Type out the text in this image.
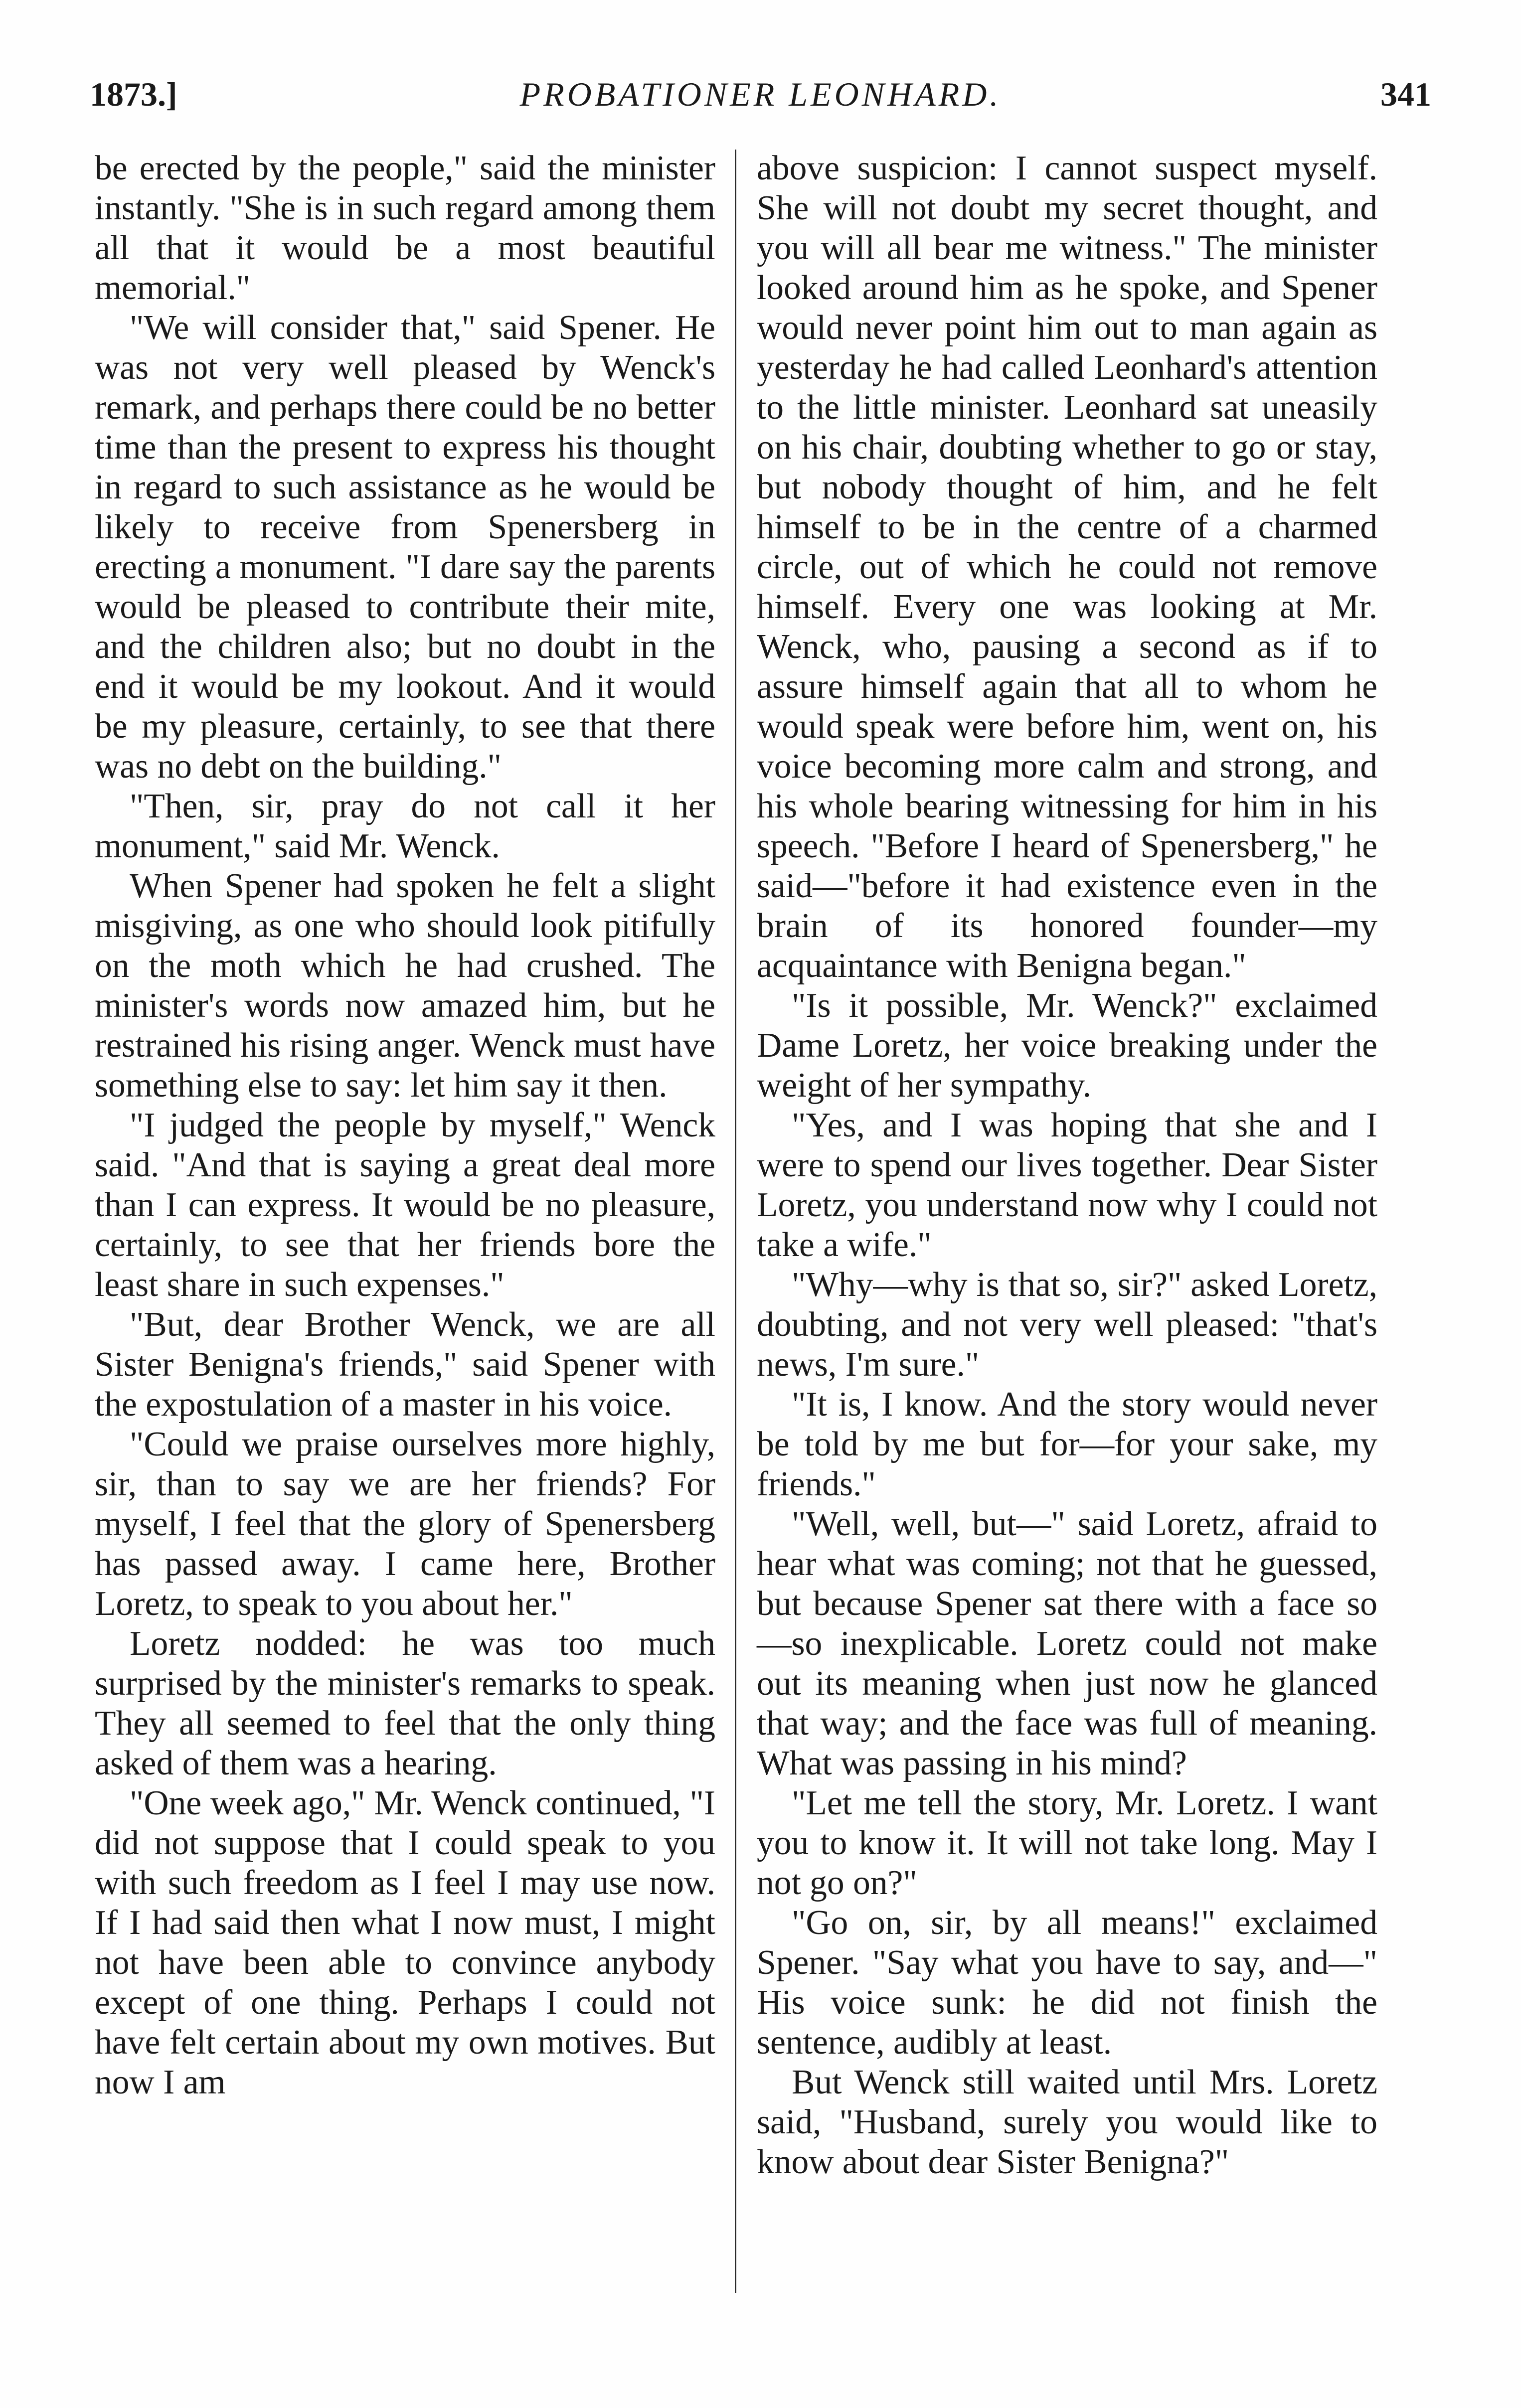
1873.]	PROBATIONER LEONHARD.	341

be erected by the people," said the minister instantly. "She is in such regard among them all that it would be a most beautiful memorial."

"We will consider that," said Spener. He was not very well pleased by Wenck's remark, and perhaps there could be no better time than the present to express his thought in regard to such assistance as he would be likely to receive from Spenersberg in erecting a monument. "I dare say the parents would be pleased to contribute their mite, and the children also; but no doubt in the end it would be my lookout. And it would be my pleasure, certainly, to see that there was no debt on the building."

"Then, sir, pray do not call it her monument," said Mr. Wenck.

When Spener had spoken he felt a slight misgiving, as one who should look pitifully on the moth which he had crushed. The minister's words now amazed him, but he restrained his rising anger. Wenck must have something else to say: let him say it then.

"I judged the people by myself," Wenck said. "And that is saying a great deal more than I can express. It would be no pleasure, certainly, to see that her friends bore the least share in such expenses."

"But, dear Brother Wenck, we are all Sister Benigna's friends," said Spener with the expostulation of a master in his voice.

"Could we praise ourselves more highly, sir, than to say we are her friends? For myself, I feel that the glory of Spenersberg has passed away. I came here, Brother Loretz, to speak to you about her."

Loretz nodded: he was too much surprised by the minister's remarks to speak. They all seemed to feel that the only thing asked of them was a hearing.

"One week ago," Mr. Wenck continued, "I did not suppose that I could speak to you with such freedom as I feel I may use now. If I had said then what I now must, I might not have been able to convince anybody except of one thing. Perhaps I could not have felt certain about my own motives. But now I am

above suspicion: I cannot suspect myself. She will not doubt my secret thought, and you will all bear me witness." The minister looked around him as he spoke, and Spener would never point him out to man again as yesterday he had called Leonhard's attention to the little minister. Leonhard sat uneasily on his chair, doubting whether to go or stay, but nobody thought of him, and he felt himself to be in the centre of a charmed circle, out of which he could not remove himself. Every one was looking at Mr. Wenck, who, pausing a second as if to assure himself again that all to whom he would speak were before him, went on, his voice becoming more calm and strong, and his whole bearing witnessing for him in his speech. "Before I heard of Spenersberg," he said—"before it had existence even in the brain of its honored founder—my acquaintance with Benigna began."

"Is it possible, Mr. Wenck?" exclaimed Dame Loretz, her voice breaking under the weight of her sympathy.

"Yes, and I was hoping that she and I were to spend our lives together. Dear Sister Loretz, you understand now why I could not take a wife."

"Why—why is that so, sir?" asked Loretz, doubting, and not very well pleased: "that's news, I'm sure."

"It is, I know. And the story would never be told by me but for—for your sake, my friends."

"Well, well, but—" said Loretz, afraid to hear what was coming; not that he guessed, but because Spener sat there with a face so—so inexplicable. Loretz could not make out its meaning when just now he glanced that way; and the face was full of meaning. What was passing in his mind?

"Let me tell the story, Mr. Loretz. I want you to know it. It will not take long. May I not go on?"

"Go on, sir, by all means!" exclaimed Spener. "Say what you have to say, and—" His voice sunk: he did not finish the sentence, audibly at least.

But Wenck still waited until Mrs. Loretz said, "Husband, surely you would like to know about dear Sister Benigna?"
